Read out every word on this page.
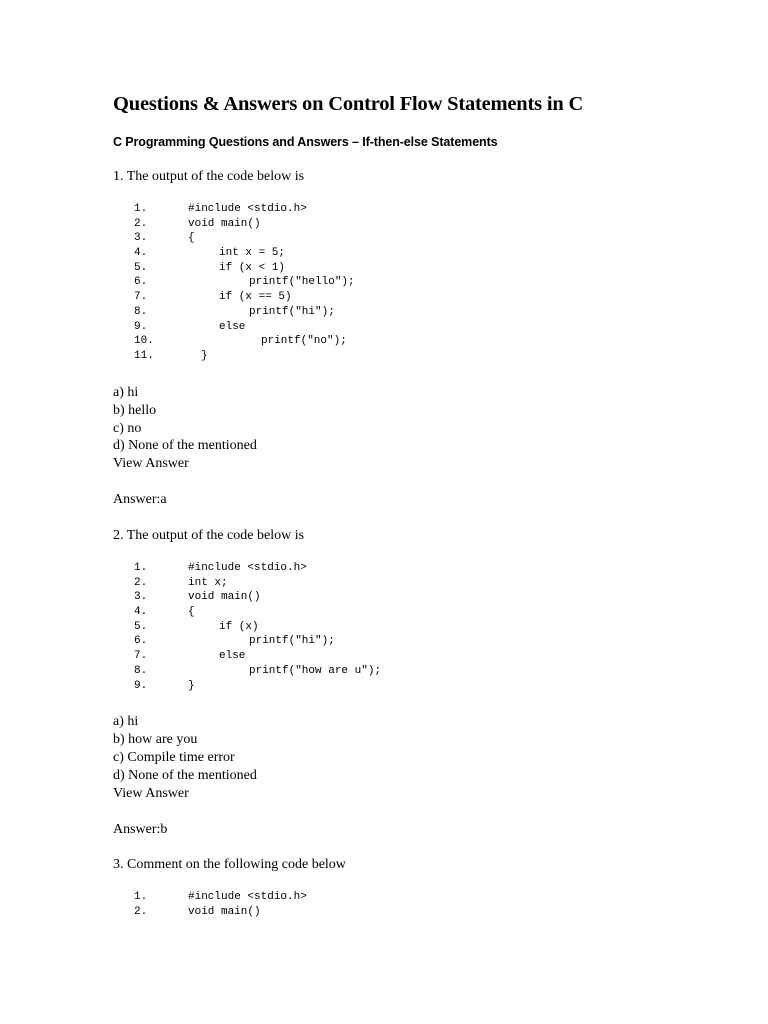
Questions & Answers on Control Flow Statements in C
C Programming Questions and Answers – If-then-else Statements

1. The output of the code below is

1.	#include <stdio.h>
2.	void main()
3.	{
4.	int x = 5;
5.	if (x < 1)
6.	printf("hello");
7.	if (x == 5)
8.	printf("hi");
9.	else
10.	printf("no");
11.	}

a) hi

b) hello

c) no

d) None of the mentioned

View Answer

Answer:a

2. The output of the code below is

1.	#include <stdio.h>
2.	int x;
3.	void main()
4.	{
5.	if (x)
6.	printf("hi");
7.	else
8.	printf("how are u");
9.	}

a) hi

b) how are you

c) Compile time error

d) None of the mentioned

View Answer

Answer:b

3. Comment on the following code below

1.	#include <stdio.h>
2.	void main()
